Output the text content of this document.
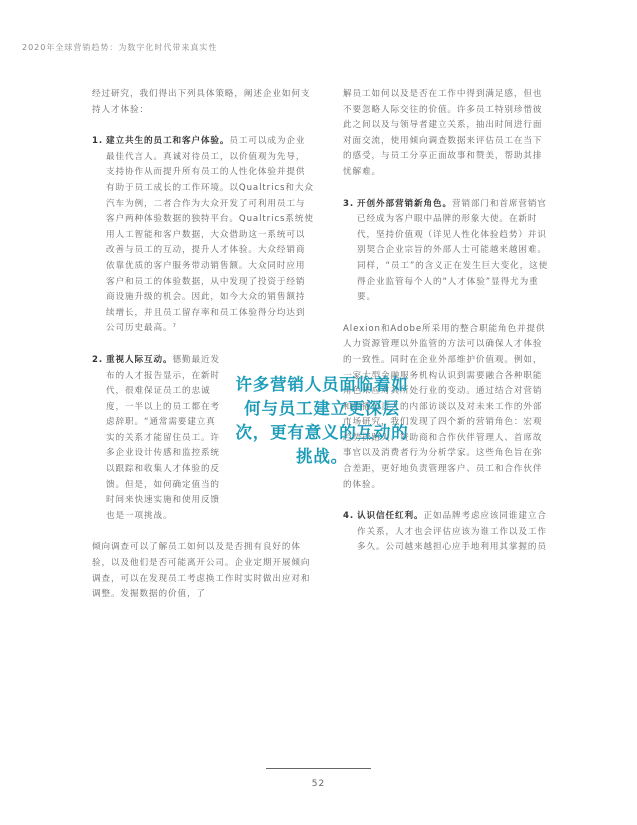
2020年全球营销趋势：为数字化时代带来真实性

经过研究，我们得出下列具体策略，阐述企业如何支持人才体验：

1. 建立共生的员工和客户体验。员工可以成为企业最佳代言人。真诚对待员工，以价值观为先导，支持协作从而提升所有员工的人性化体验并提供有助于员工成长的工作环境。以Qualtrics和大众汽车为例，二者合作为大众开发了可利用员工与客户两种体验数据的独特平台。Qualtrics系统使用人工智能和客户数据，大众借助这一系统可以改善与员工的互动，提升人才体验。大众经销商依靠优质的客户服务带动销售额。大众同时应用客户和员工的体验数据，从中发现了投资于经销商设施升级的机会。因此，如今大众的销售额持续增长，并且员工留存率和员工体验得分均达到公司历史最高。⁷
2. 重视人际互动。德勤最近发布的人才报告显示，在新时代，很难保证员工的忠诚度，一半以上的员工都在考虑辞职。“通常需要建立真实的关系才能留住员工。许多企业设计传感和监控系统以跟踪和收集人才体验的反馈。但是，如何确定值当的时间来快速实施和使用反馈也是一项挑战。

倾向调查可以了解员工如何以及是否拥有良好的体验，以及他们是否可能离开公司。企业定期开展倾向调查，可以在发现员工考虑换工作时实时做出应对和调整。发掘数据的价值，了

解员工如何以及是否在工作中得到满足感，但也不要忽略人际交往的价值。许多员工特别珍惜彼此之间以及与领导者建立关系，抽出时间进行面对面交流，使用倾向调查数据来评估员工在当下的感受，与员工分享正面故事和赞美，帮助其排忧解难。

3. 开创外部营销新角色。营销部门和首席营销官已经成为客户眼中品牌的形象大使。在新时代，坚持价值观（详见人性化体验趋势）并识别契合企业宗旨的外部人士可能越来越困难。同样，“员工”的含义正在发生巨大变化，这使得企业监管每个人的“人才体验”显得尤为重要。

Alexion和Adobe所采用的整合职能角色并提供人力资源管理以外监管的方法可以确保人才体验的一致性。同时在企业外部维护价值观。例如，一家大型金融服务机构认识到需要融合各种职能角色来应对其所处行业的变动。通过结合对营销和传播负责人的内部访谈以及对未来工作的外部市场研究，我们发现了四个新的营销角色：宏观趋势探路人、赞助商和合作伙伴管理人、首席故事官以及消费者行为分析学家。这些角色旨在弥合差距，更好地负责管理客户、员工和合作伙伴的体验。

4. 认识信任红利。正如品牌考虑应该同谁建立合作关系，人才也会评估应该为谁工作以及工作多久。公司越来越担心应手地利用其掌握的员

许多营销人员面临着如何与员工建立更深层次，更有意义的互动的挑战。

52
